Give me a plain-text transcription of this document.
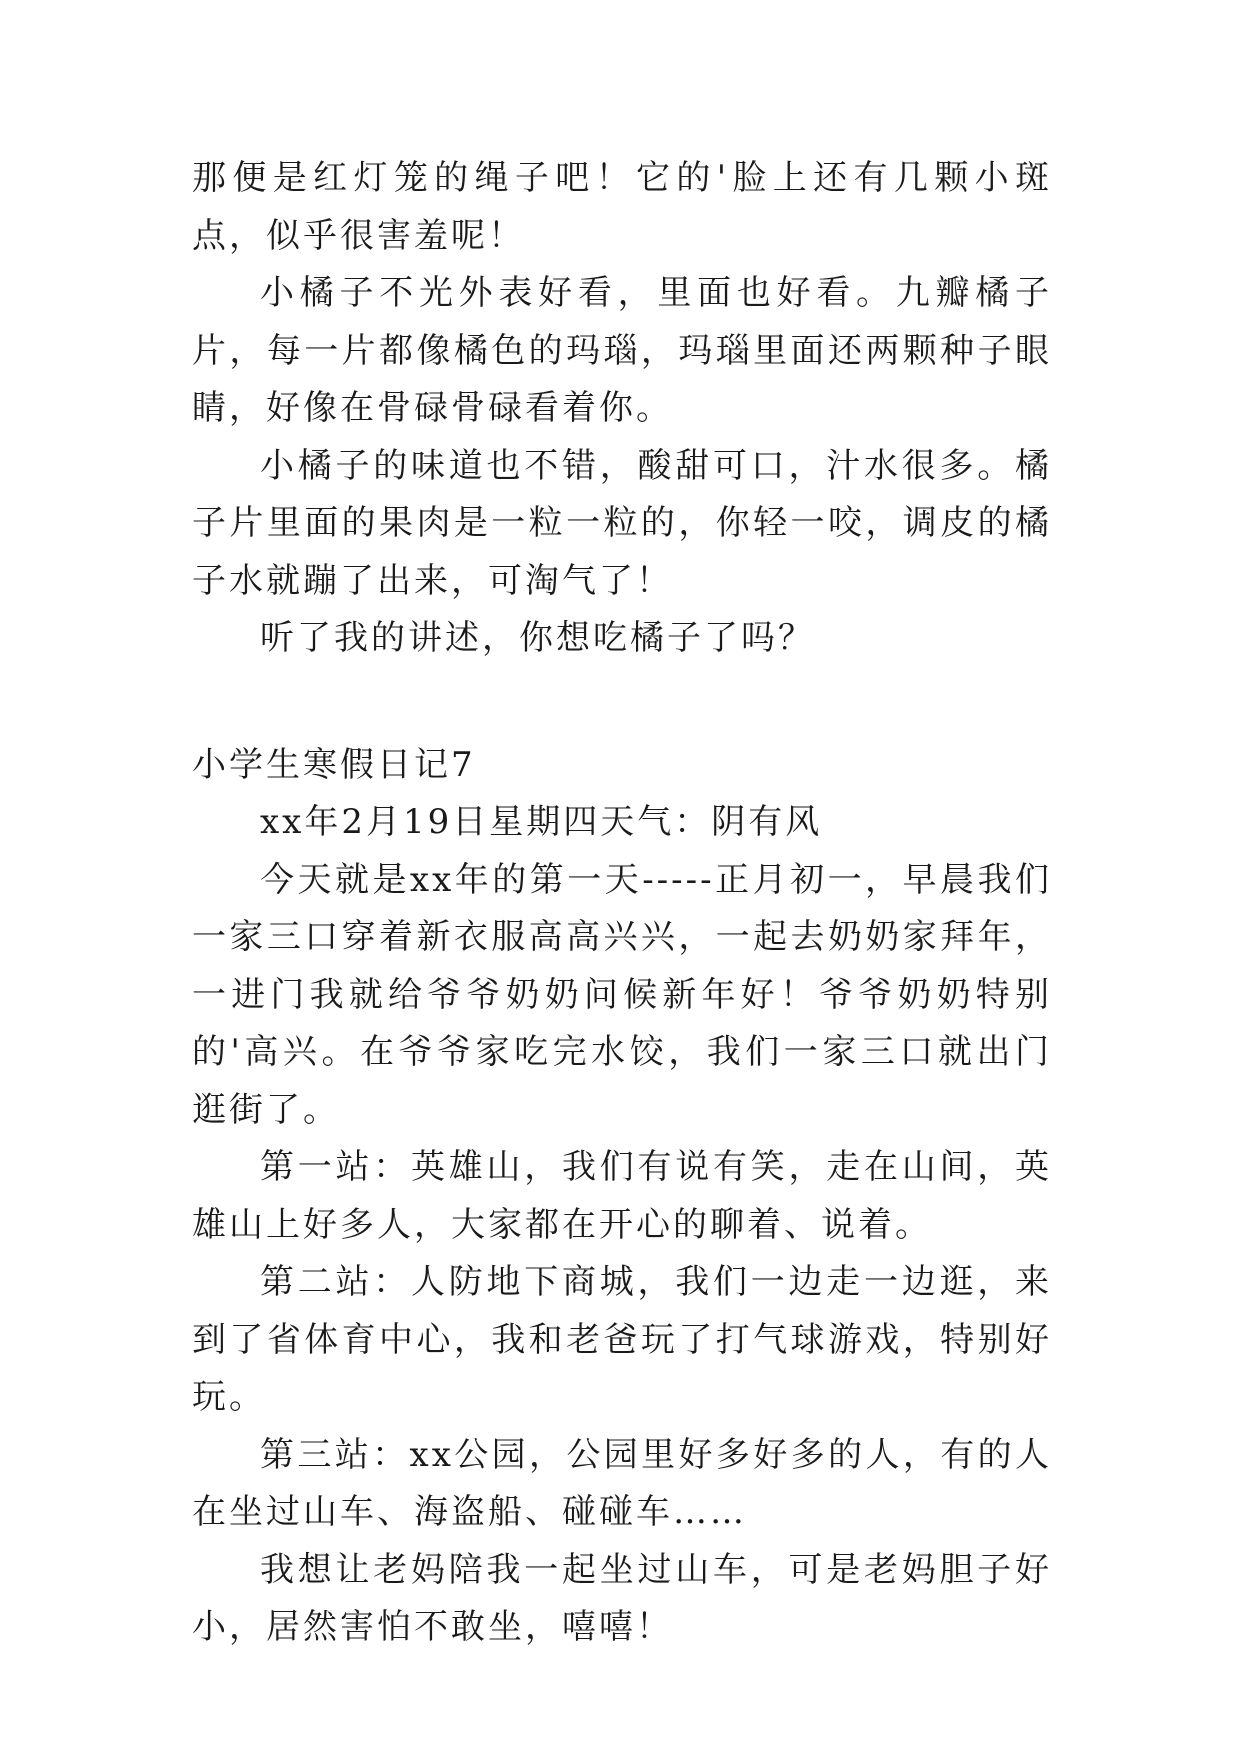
那便是红灯笼的绳子吧！它的'脸上还有几颗小斑点，似乎很害羞呢！

小橘子不光外表好看，里面也好看。九瓣橘子片，每一片都像橘色的玛瑙，玛瑙里面还两颗种子眼睛，好像在骨碌骨碌看着你。

小橘子的味道也不错，酸甜可口，汁水很多。橘子片里面的果肉是一粒一粒的，你轻一咬，调皮的橘子水就蹦了出来，可淘气了！

听了我的讲述，你想吃橘子了吗？

小学生寒假日记7

xx年2月19日星期四天气：阴有风

今天就是xx年的第一天-----正月初一，早晨我们一家三口穿着新衣服高高兴兴，一起去奶奶家拜年，一进门我就给爷爷奶奶问候新年好！爷爷奶奶特别的'高兴。在爷爷家吃完水饺，我们一家三口就出门逛街了。

第一站：英雄山，我们有说有笑，走在山间，英雄山上好多人，大家都在开心的聊着、说着。

第二站：人防地下商城，我们一边走一边逛，来到了省体育中心，我和老爸玩了打气球游戏，特别好玩。

第三站：xx公园，公园里好多好多的人，有的人在坐过山车、海盗船、碰碰车……

我想让老妈陪我一起坐过山车，可是老妈胆子好小，居然害怕不敢坐，嘻嘻！
